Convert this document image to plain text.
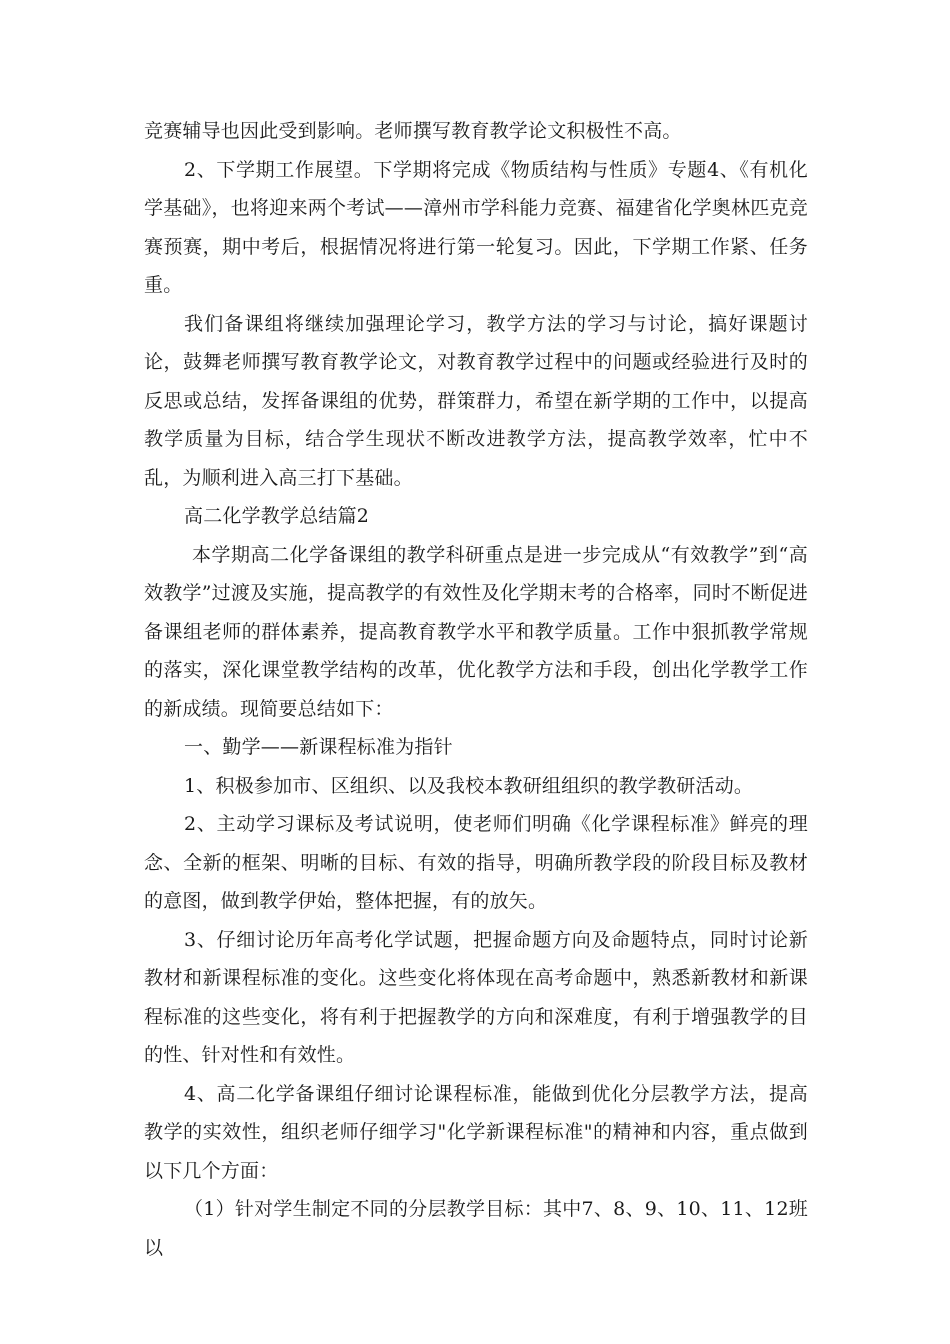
竞赛辅导也因此受到影响。老师撰写教育教学论文积极性不高。

2、下学期工作展望。下学期将完成《物质结构与性质》专题4、《有机化学基础》，也将迎来两个考试——漳州市学科能力竞赛、福建省化学奥林匹克竞赛预赛，期中考后，根据情况将进行第一轮复习。因此，下学期工作紧、任务重。

我们备课组将继续加强理论学习，教学方法的学习与讨论，搞好课题讨论，鼓舞老师撰写教育教学论文，对教育教学过程中的问题或经验进行及时的反思或总结，发挥备课组的优势，群策群力，希望在新学期的工作中，以提高教学质量为目标，结合学生现状不断改进教学方法，提高教学效率，忙中不乱，为顺利进入高三打下基础。

高二化学教学总结篇2

本学期高二化学备课组的教学科研重点是进一步完成从“有效教学”到“高效教学”过渡及实施，提高教学的有效性及化学期末考的合格率，同时不断促进备课组老师的群体素养，提高教育教学水平和教学质量。工作中狠抓教学常规的落实，深化课堂教学结构的改革，优化教学方法和手段，创出化学教学工作的新成绩。现简要总结如下：

一、勤学——新课程标准为指针

1、积极参加市、区组织、以及我校本教研组组织的教学教研活动。

2、主动学习课标及考试说明，使老师们明确《化学课程标准》鲜亮的理念、全新的框架、明晰的目标、有效的指导，明确所教学段的阶段目标及教材的意图，做到教学伊始，整体把握，有的放矢。

3、仔细讨论历年高考化学试题，把握命题方向及命题特点，同时讨论新教材和新课程标准的变化。这些变化将体现在高考命题中，熟悉新教材和新课程标准的这些变化，将有利于把握教学的方向和深难度，有利于增强教学的目的性、针对性和有效性。

4、高二化学备课组仔细讨论课程标准，能做到优化分层教学方法，提高教学的实效性，组织老师仔细学习"化学新课程标准"的精神和内容，重点做到以下几个方面：

（1）针对学生制定不同的分层教学目标：其中7、8、9、10、11、12班以
